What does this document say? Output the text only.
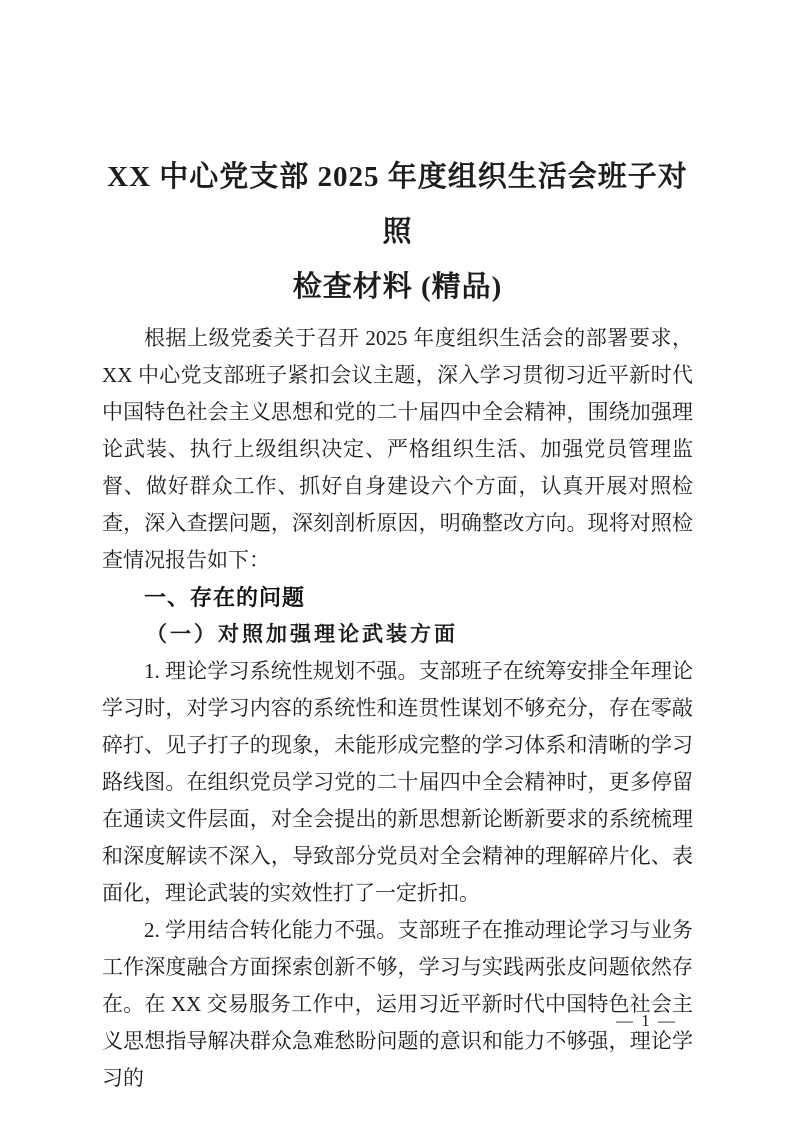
XX 中心党支部 2025 年度组织生活会班子对照
检查材料 (精品)

根据上级党委关于召开 2025 年度组织生活会的部署要求，XX 中心党支部班子紧扣会议主题，深入学习贯彻习近平新时代中国特色社会主义思想和党的二十届四中全会精神，围绕加强理论武装、执行上级组织决定、严格组织生活、加强党员管理监督、做好群众工作、抓好自身建设六个方面，认真开展对照检查，深入查摆问题，深刻剖析原因，明确整改方向。现将对照检查情况报告如下：

一、存在的问题
（一）对照加强理论武装方面

1. 理论学习系统性规划不强。支部班子在统筹安排全年理论学习时，对学习内容的系统性和连贯性谋划不够充分，存在零敲碎打、见子打子的现象，未能形成完整的学习体系和清晰的学习路线图。在组织党员学习党的二十届四中全会精神时，更多停留在通读文件层面，对全会提出的新思想新论断新要求的系统梳理和深度解读不深入，导致部分党员对全会精神的理解碎片化、表面化，理论武装的实效性打了一定折扣。

2. 学用结合转化能力不强。支部班子在推动理论学习与业务工作深度融合方面探索创新不够，学习与实践两张皮问题依然存在。在 XX 交易服务工作中，运用习近平新时代中国特色社会主义思想指导解决群众急难愁盼问题的意识和能力不够强，理论学习的

— 1 —
